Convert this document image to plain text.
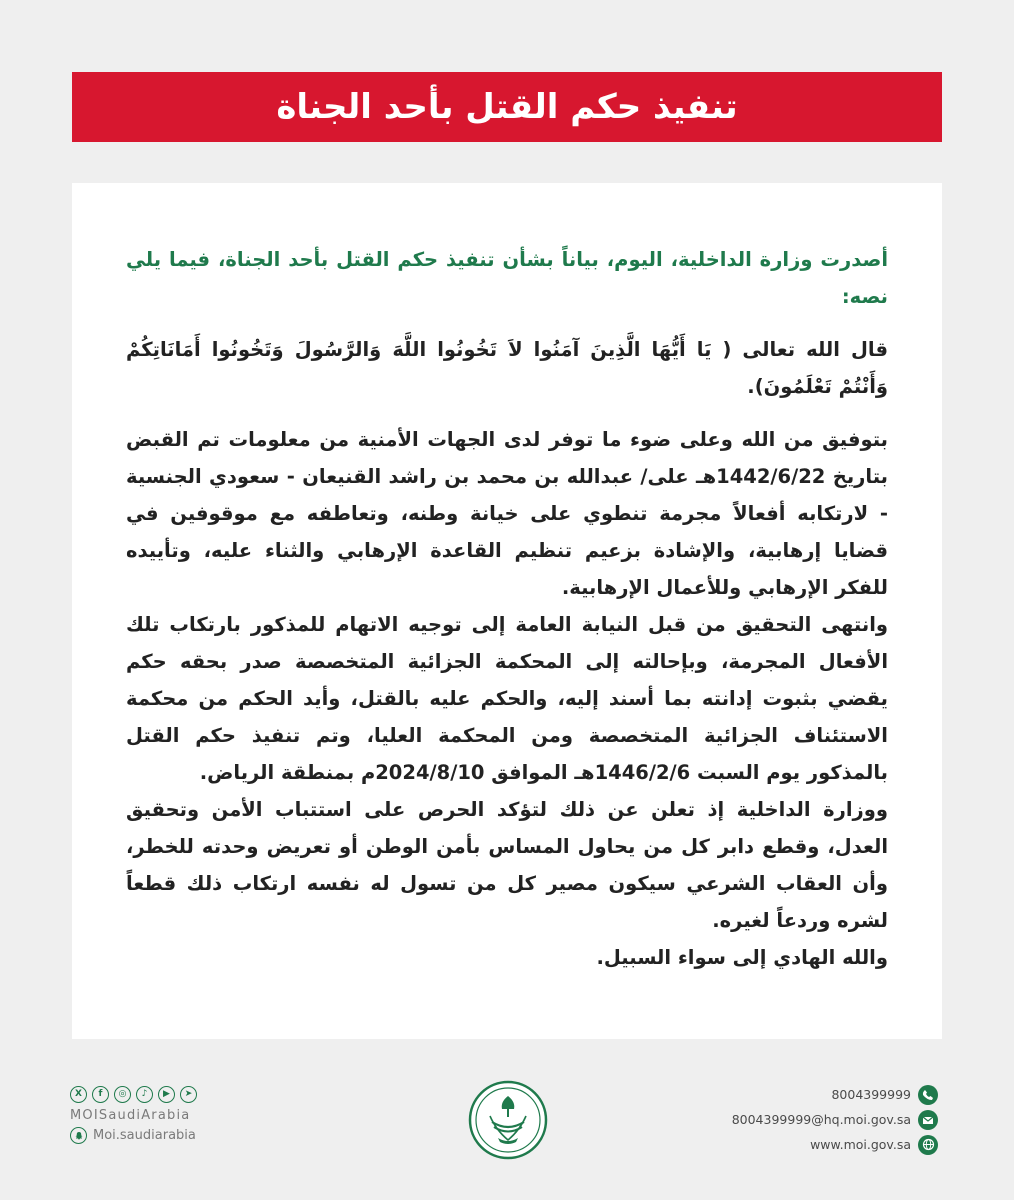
تنفيذ حكم القتل بأحد الجناة

أصدرت وزارة الداخلية، اليوم، بياناً بشأن تنفيذ حكم القتل بأحد الجناة، فيما يلي نصه:

قال الله تعالى ( يَا أَيُّهَا الَّذِينَ آمَنُوا لاَ تَخُونُوا اللَّهَ وَالرَّسُولَ وَتَخُونُوا أَمَانَاتِكُمْ وَأَنْتُمْ تَعْلَمُونَ).

بتوفيق من الله وعلى ضوء ما توفر لدى الجهات الأمنية من معلومات تم القبض بتاريخ 1442/6/22هـ على/ عبدالله بن محمد بن راشد القنيعان - سعودي الجنسية - لارتكابه أفعالاً مجرمة تنطوي على خيانة وطنه، وتعاطفه مع موقوفين في قضايا إرهابية، والإشادة بزعيم تنظيم القاعدة الإرهابي والثناء عليه، وتأييده للفكر الإرهابي وللأعمال الإرهابية.

وانتهى التحقيق من قبل النيابة العامة إلى توجيه الاتهام للمذكور بارتكاب تلك الأفعال المجرمة، وبإحالته إلى المحكمة الجزائية المتخصصة صدر بحقه حكم يقضي بثبوت إدانته بما أسند إليه، والحكم عليه بالقتل، وأيد الحكم من محكمة الاستئناف الجزائية المتخصصة ومن المحكمة العليا، وتم تنفيذ حكم القتل بالمذكور يوم السبت 1446/2/6هـ الموافق 2024/8/10م بمنطقة الرياض.

ووزارة الداخلية إذ تعلن عن ذلك لتؤكد الحرص على استتباب الأمن وتحقيق العدل، وقطع دابر كل من يحاول المساس بأمن الوطن أو تعريض وحدته للخطر، وأن العقاب الشرعي سيكون مصير كل من تسول له نفسه ارتكاب ذلك قطعاً لشره وردعاً لغيره.

والله الهادي إلى سواء السبيل.

X	f	◎	♪	▶	➤
MOISaudiArabia
Moi.saudiarabia
8004399999
8004399999@hq.moi.gov.sa
www.moi.gov.sa
